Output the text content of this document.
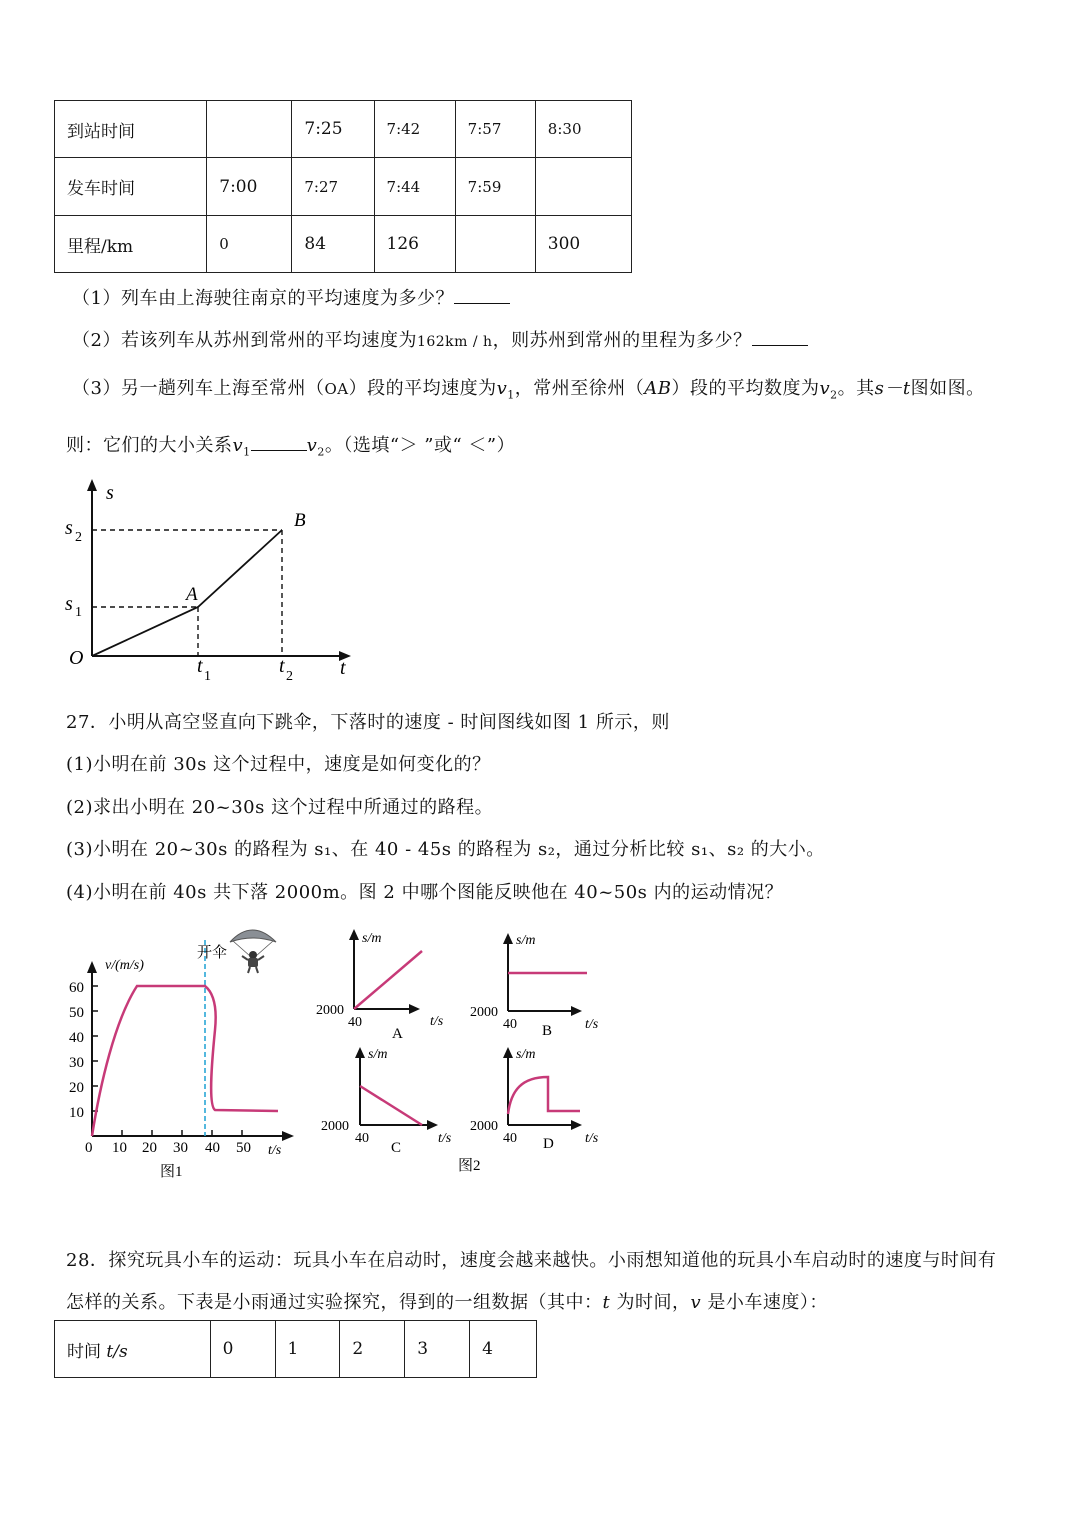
到站时间		7:25	7:42	7:57	8:30
发车时间	7:00	7:27	7:44	7:59	
里程/km	0	84	126		300
（1）列车由上海驶往南京的平均速度为多少？
（2）若该列车从苏州到常州的平均速度为162km / h，则苏州到常州的里程为多少？
（3）另一趟列车上海至常州（OA）段的平均速度为$v_1$，常州至徐州（AB）段的平均数度为$v_2$。其s－t图如图。
则：它们的大小关系$v_1$	$v_2$。（选填“＞ ”或“ ＜”）
s
t
O
s 2
s 1
t 1	t 2
A
B
27．小明从高空竖直向下跳伞，下落时的速度 - 时间图线如图 1 所示，则
(1)小明在前 30s 这个过程中，速度是如何变化的？
(2)求出小明在 20~30s 这个过程中所通过的路程。
(3)小明在 20~30s 的路程为 s₁、在 40 - 45s 的路程为 s₂，通过分析比较 s₁、s₂ 的大小。
(4)小明在前 40s 共下落 2000m。图 2 中哪个图能反映他在 40~50s 内的运动情况？
60
50
40
30
20
10
0 10 20 30 40 50 t/s
v/(m/s)
开伞
图1
s/m
2000
40	t/s
A
s/m
2000
40	t/s
B
s/m
2000
40	t/s
C
s/m
2000
40	t/s
D
图2
28．探究玩具小车的运动：玩具小车在启动时，速度会越来越快。小雨想知道他的玩具小车启动时的速度与时间有
怎样的关系。下表是小雨通过实验探究，得到的一组数据（其中：t 为时间，v 是小车速度）：
时间 t/s	0	1	2	3	4
